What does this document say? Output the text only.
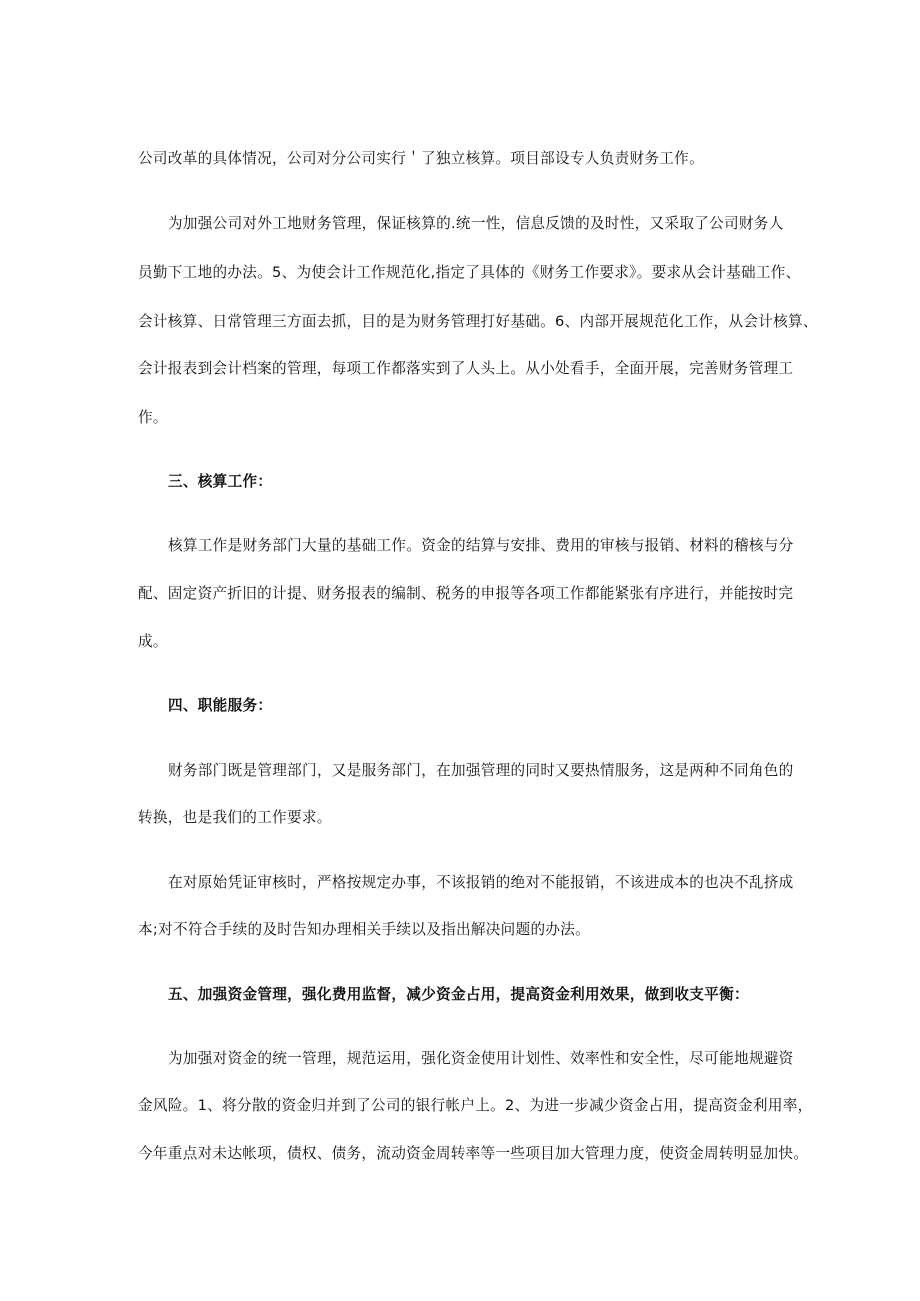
公司改革的具体情况，公司对分公司实行＇了独立核算。项目部设专人负责财务工作。
为加强公司对外工地财务管理，保证核算的.统一性，信息反馈的及时性，又采取了公司财务人
员勤下工地的办法。5、为使会计工作规范化,指定了具体的《财务工作要求》。要求从会计基础工作、
会计核算、日常管理三方面去抓，目的是为财务管理打好基础。6、内部开展规范化工作，从会计核算、
会计报表到会计档案的管理，每项工作都落实到了人头上。从小处看手，全面开展，完善财务管理工
作。
三、核算工作：
核算工作是财务部门大量的基础工作。资金的结算与安排、费用的审核与报销、材料的稽核与分
配、固定资产折旧的计提、财务报表的编制、税务的申报等各项工作都能紧张有序进行，并能按时完
成。
四、职能服务：
财务部门既是管理部门，又是服务部门，在加强管理的同时又要热情服务，这是两种不同角色的
转换，也是我们的工作要求。
在对原始凭证审核时，严格按规定办事，不该报销的绝对不能报销，不该进成本的也决不乱挤成
本;对不符合手续的及时告知办理相关手续以及指出解决问题的办法。
五、加强资金管理，强化费用监督，减少资金占用，提高资金利用效果，做到收支平衡：
为加强对资金的统一管理，规范运用，强化资金使用计划性、效率性和安全性，尽可能地规避资
金风险。1、将分散的资金归并到了公司的银行帐户上。2、为进一步减少资金占用，提高资金利用率，
今年重点对未达帐项，债权、债务，流动资金周转率等一些项目加大管理力度，使资金周转明显加快。
